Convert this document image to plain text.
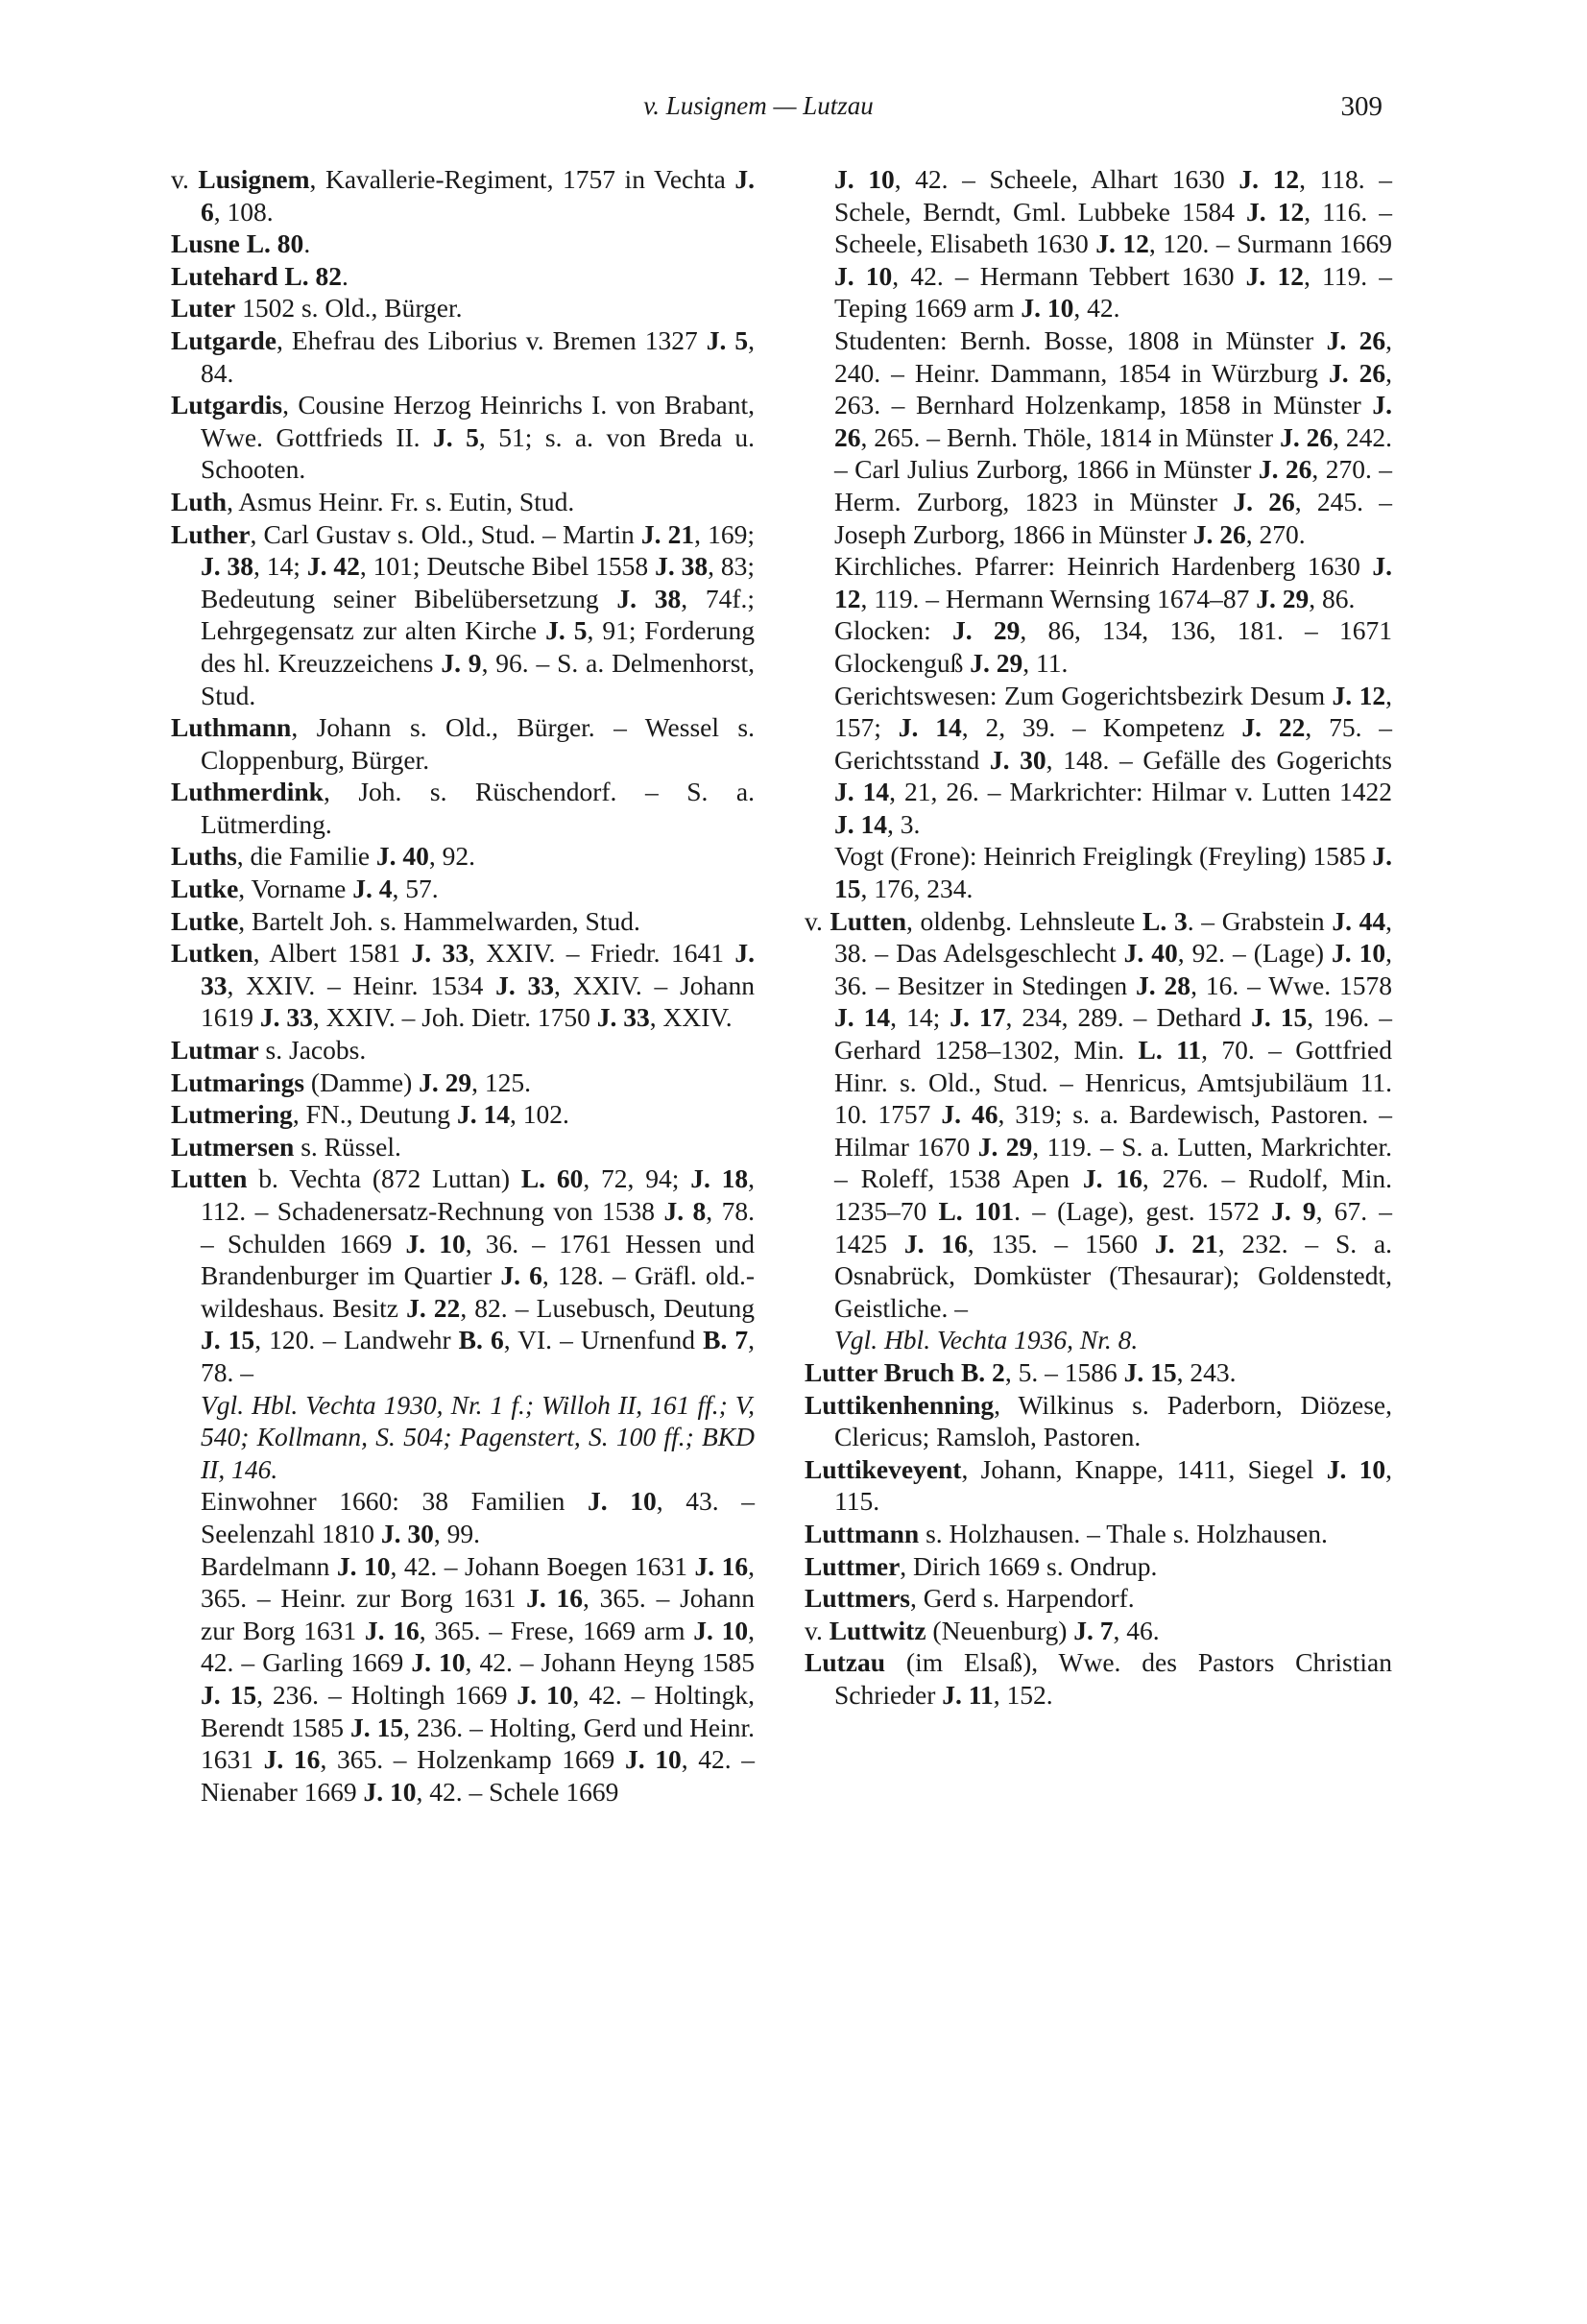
v. Lusignem — Lutzau	309

v. Lusignem, Kavallerie-Regiment, 1757 in Vechta J. 6, 108.

Lusne L. 80.

Lutehard L. 82.

Luter 1502 s. Old., Bürger.

Lutgarde, Ehefrau des Liborius v. Bremen 1327 J. 5, 84.

Lutgardis, Cousine Herzog Heinrichs I. von Brabant, Wwe. Gottfrieds II. J. 5, 51; s. a. von Breda u. Schooten.

Luth, Asmus Heinr. Fr. s. Eutin, Stud.

Luther, Carl Gustav s. Old., Stud. – Martin J. 21, 169; J. 38, 14; J. 42, 101; Deutsche Bibel 1558 J. 38, 83; Bedeutung seiner Bibelübersetzung J. 38, 74f.; Lehrgegensatz zur alten Kirche J. 5, 91; Forderung des hl. Kreuzzeichens J. 9, 96. – S. a. Delmenhorst, Stud.

Luthmann, Johann s. Old., Bürger. – Wessel s. Cloppenburg, Bürger.

Luthmerdink, Joh. s. Rüschendorf. – S. a. Lütmerding.

Luths, die Familie J. 40, 92.

Lutke, Vorname J. 4, 57.

Lutke, Bartelt Joh. s. Hammelwarden, Stud.

Lutken, Albert 1581 J. 33, XXIV. – Friedr. 1641 J. 33, XXIV. – Heinr. 1534 J. 33, XXIV. – Johann 1619 J. 33, XXIV. – Joh. Dietr. 1750 J. 33, XXIV.

Lutmar s. Jacobs.

Lutmarings (Damme) J. 29, 125.

Lutmering, FN., Deutung J. 14, 102.

Lutmersen s. Rüssel.

Lutten b. Vechta (872 Luttan) L. 60, 72, 94; J. 18, 112. – Schadenersatz-Rechnung von 1538 J. 8, 78. – Schulden 1669 J. 10, 36. – 1761 Hessen und Brandenburger im Quartier J. 6, 128. – Gräfl. old.-wildeshaus. Besitz J. 22, 82. – Lusebusch, Deutung J. 15, 120. – Landwehr B. 6, VI. – Urnenfund B. 7, 78. –

Vgl. Hbl. Vechta 1930, Nr. 1 f.; Willoh II, 161 ff.; V, 540; Kollmann, S. 504; Pagenstert, S. 100 ff.; BKD II, 146.

Einwohner 1660: 38 Familien J. 10, 43. – Seelenzahl 1810 J. 30, 99.

Bardelmann J. 10, 42. – Johann Boegen 1631 J. 16, 365. – Heinr. zur Borg 1631 J. 16, 365. – Johann zur Borg 1631 J. 16, 365. – Frese, 1669 arm J. 10, 42. – Garling 1669 J. 10, 42. – Johann Heyng 1585 J. 15, 236. – Holtingh 1669 J. 10, 42. – Holtingk, Berendt 1585 J. 15, 236. – Holting, Gerd und Heinr. 1631 J. 16, 365. – Holzenkamp 1669 J. 10, 42. – Nienaber 1669 J. 10, 42. – Schele 1669

J. 10, 42. – Scheele, Alhart 1630 J. 12, 118. – Schele, Berndt, Gml. Lubbeke 1584 J. 12, 116. – Scheele, Elisabeth 1630 J. 12, 120. – Surmann 1669 J. 10, 42. – Hermann Tebbert 1630 J. 12, 119. – Teping 1669 arm J. 10, 42.

Studenten: Bernh. Bosse, 1808 in Münster J. 26, 240. – Heinr. Dammann, 1854 in Würzburg J. 26, 263. – Bernhard Holzenkamp, 1858 in Münster J. 26, 265. – Bernh. Thöle, 1814 in Münster J. 26, 242. – Carl Julius Zurborg, 1866 in Münster J. 26, 270. – Herm. Zurborg, 1823 in Münster J. 26, 245. – Joseph Zurborg, 1866 in Münster J. 26, 270.

Kirchliches. Pfarrer: Heinrich Hardenberg 1630 J. 12, 119. – Hermann Wernsing 1674–87 J. 29, 86.

Glocken: J. 29, 86, 134, 136, 181. – 1671 Glockenguß J. 29, 11.

Gerichtswesen: Zum Gogerichtsbezirk Desum J. 12, 157; J. 14, 2, 39. – Kompetenz J. 22, 75. – Gerichtsstand J. 30, 148. – Gefälle des Gogerichts J. 14, 21, 26. – Markrichter: Hilmar v. Lutten 1422 J. 14, 3.

Vogt (Frone): Heinrich Freiglingk (Freyling) 1585 J. 15, 176, 234.

v. Lutten, oldenbg. Lehnsleute L. 3. – Grabstein J. 44, 38. – Das Adelsgeschlecht J. 40, 92. – (Lage) J. 10, 36. – Besitzer in Stedingen J. 28, 16. – Wwe. 1578 J. 14, 14; J. 17, 234, 289. – Dethard J. 15, 196. – Gerhard 1258–1302, Min. L. 11, 70. – Gottfried Hinr. s. Old., Stud. – Henricus, Amtsjubiläum 11. 10. 1757 J. 46, 319; s. a. Bardewisch, Pastoren. – Hilmar 1670 J. 29, 119. – S. a. Lutten, Markrichter. – Roleff, 1538 Apen J. 16, 276. – Rudolf, Min. 1235–70 L. 101. – (Lage), gest. 1572 J. 9, 67. – 1425 J. 16, 135. – 1560 J. 21, 232. – S. a. Osnabrück, Domküster (Thesaurar); Goldenstedt, Geistliche. –

Vgl. Hbl. Vechta 1936, Nr. 8.

Lutter Bruch B. 2, 5. – 1586 J. 15, 243.

Luttikenhenning, Wilkinus s. Paderborn, Diözese, Clericus; Ramsloh, Pastoren.

Luttikeveyent, Johann, Knappe, 1411, Siegel J. 10, 115.

Luttmann s. Holzhausen. – Thale s. Holzhausen.

Luttmer, Dirich 1669 s. Ondrup.

Luttmers, Gerd s. Harpendorf.

v. Luttwitz (Neuenburg) J. 7, 46.

Lutzau (im Elsaß), Wwe. des Pastors Christian Schrieder J. 11, 152.
